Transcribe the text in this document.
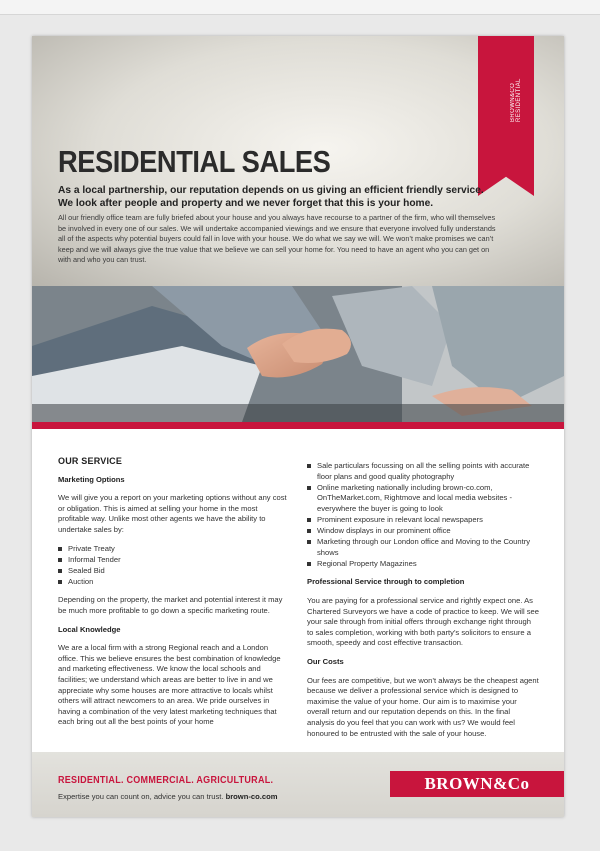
BROWN&CO RESIDENTIAL
RESIDENTIAL SALES

As a local partnership, our reputation depends on us giving an efficient friendly service. We look after people and property and we never forget that this is your home.

All our friendly office team are fully briefed about your house and you always have recourse to a partner of the firm, who will themselves be involved in every one of our sales. We will undertake accompanied viewings and we ensure that everyone involved fully understands all of the aspects why potential buyers could fall in love with your house. We do what we say we will. We won’t make promises we can’t keep and we will always give the true value that we believe we can sell your home for. You need to have an agent who you can get on with and who you can trust.

OUR SERVICE

Marketing Options

We will give you a report on your marketing options without any cost or obligation. This is aimed at selling your home in the most profitable way. Unlike most other agents we have the ability to undertake sales by:

Private Treaty
Informal Tender
Sealed Bid
Auction

Depending on the property, the market and potential interest it may be much more profitable to go down a specific marketing route.

Local Knowledge

We are a local firm with a strong Regional reach and a London office. This we believe ensures the best combination of knowledge and marketing effectiveness. We know the local schools and facilities; we understand which areas are better to live in and we appreciate why some houses are more attractive to locals whilst others will attract newcomers to an area. We pride ourselves in having a combination of the very latest marketing techniques that each bring out all the best points of your home

Sale particulars focussing on all the selling points with accurate floor plans and good quality photography
Online marketing nationally including brown-co.com, OnTheMarket.com, Rightmove and local media websites - everywhere the buyer is going to look
Prominent exposure in relevant local newspapers
Window displays in our prominent office
Marketing through our London office and Moving to the Country shows
Regional Property Magazines

Professional Service through to completion

You are paying for a professional service and rightly expect one. As Chartered Surveyors we have a code of practice to keep. We will see your sale through from initial offers through exchange right through to sales completion, working with both party’s solicitors to ensure a smooth, speedy and cost effective transaction.

Our Costs

Our fees are competitive, but we won’t always be the cheapest agent because we deliver a professional service which is designed to maximise the value of your home. Our aim is to maximise your overall return and our reputation depends on this. In the final analysis do you feel that you can work with us? We would feel honoured to be entrusted with the sale of your house.

RESIDENTIAL. COMMERCIAL. AGRICULTURAL.
Expertise you can count on, advice you can trust. brown-co.com
BROWN&Co
